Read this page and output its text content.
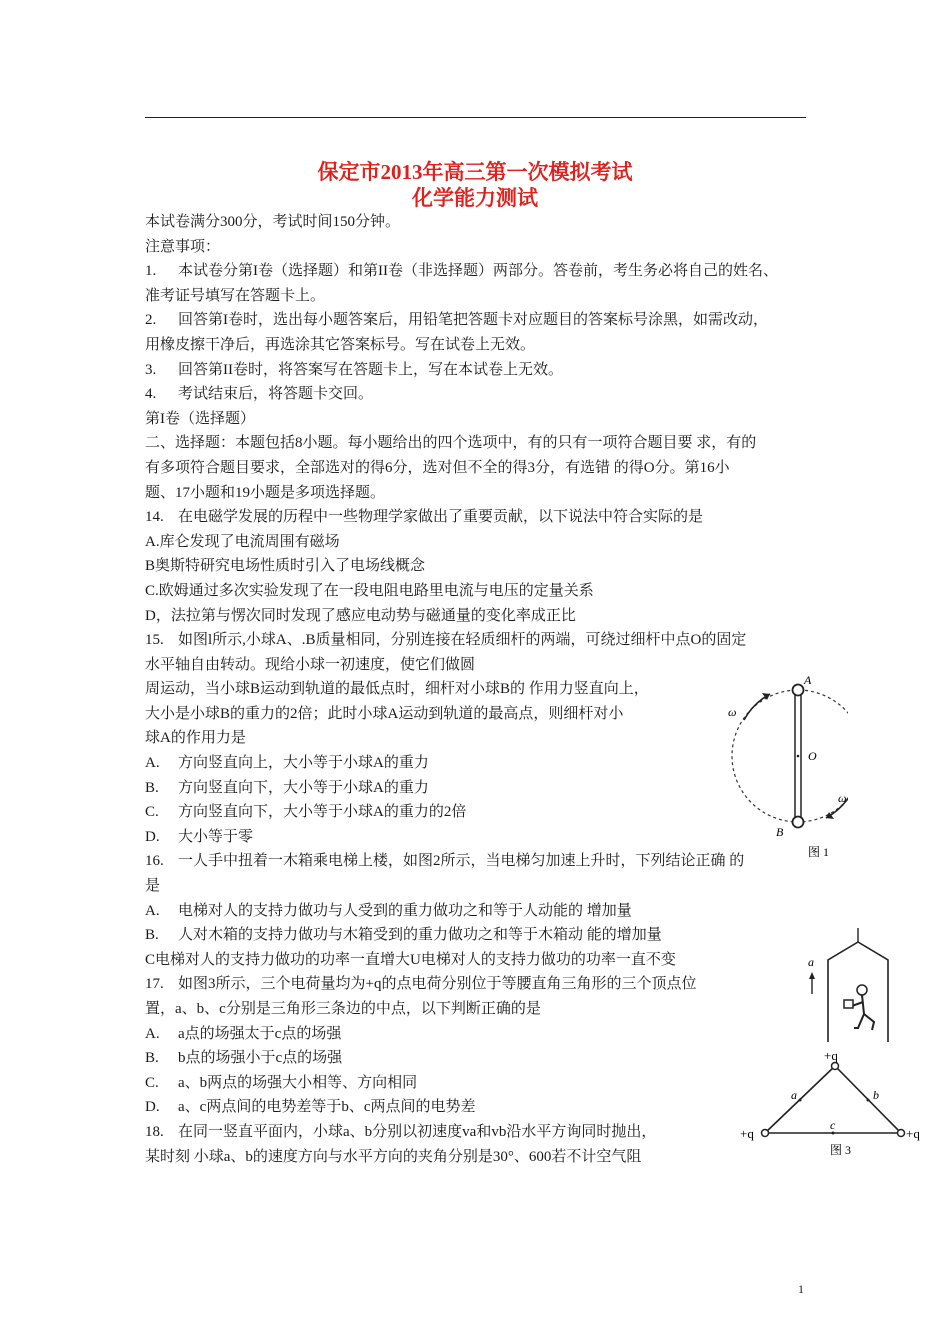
保定市2013年高三第一次模拟考试
化学能力测试
本试卷满分300分，考试时间150分钟。
注意事项：
1. 本试卷分第I卷（选择题）和第II卷（非选择题）两部分。答卷前，考生务必将自己的姓名、
准考证号填写在答题卡上。
2. 回答第I卷时，选出每小题答案后，用铅笔把答题卡对应题目的答案标号涂黑，如需改动，
用橡皮擦干净后，再选涂其它答案标号。写在试卷上无效。
3. 回答第II卷时，将答案写在答题卡上，写在本试卷上无效。
4. 考试结束后，将答题卡交回。
第I卷（选择题）
二、选择题：本题包括8小题。每小题给出的四个选项中，有的只有一项符合题目要 求，有的
有多项符合题目要求，全部选对的得6分，选对但不全的得3分，有选错 的得O分。第16小
题、17小题和19小题是多项选择题。
14. 在电磁学发展的历程中一些物理学家做出了重要贡献，以下说法中符合实际的是
A.库仑发现了电流周围有磁场
B奥斯特研究电场性质时引入了电场线概念
C.欧姆通过多次实验发现了在一段电阻电路里电流与电压的定量关系
D，法拉第与愣次同时发现了感应电动势与磁通量的变化率成正比
15. 如图l所示,小球A、.B质量相同，分别连接在轻质细杆的两端，可绕过细杆中点O的固定
水平轴自由转动。现给小球一初速度，使它们做圆
周运动，当小球B运动到轨道的最低点时，细杆对小球B的 作用力竖直向上，
大小是小球B的重力的2倍；此时小球A运动到轨道的最高点，则细杆对小
球A的作用力是
A. 方向竖直向上，大小等于小球A的重力
B. 方向竖直向下，大小等于小球A的重力
C. 方向竖直向下，大小等于小球A的重力的2倍
D. 大小等于零
16. 一人手中扭着一木箱乘电梯上楼，如图2所示，当电梯匀加速上升时，下列结论正确 的
是
A. 电梯对人的支持力做功与人受到的重力做功之和等于人动能的 增加量
B. 人对木箱的支持力做功与木箱受到的重力做功之和等于木箱动 能的增加量
C电梯对人的支持力做功的功率一直增大U电梯对人的支持力做功的功率一直不变
17. 如图3所示，三个电荷量均为+q的点电荷分别位于等腰直角三角形的三个顶点位
置，a、b、c分别是三角形三条边的中点，以下判断正确的是
A. a点的场强太于c点的场强
B. b点的场强小于c点的场强
C. a、b两点的场强大小相等、方向相同
D. a、c两点间的电势差等于b、c两点间的电势差
18. 在同一竖直平面内，小球a、b分别以初速度va和vb沿水平方询同时抛出，
某时刻 小球a、b的速度方向与水平方向的夹角分别是30°、600若不计空气阻
A
B
O
ω
ω
图 1
a
+q
+q	+q
a	b
c
图 3
1
